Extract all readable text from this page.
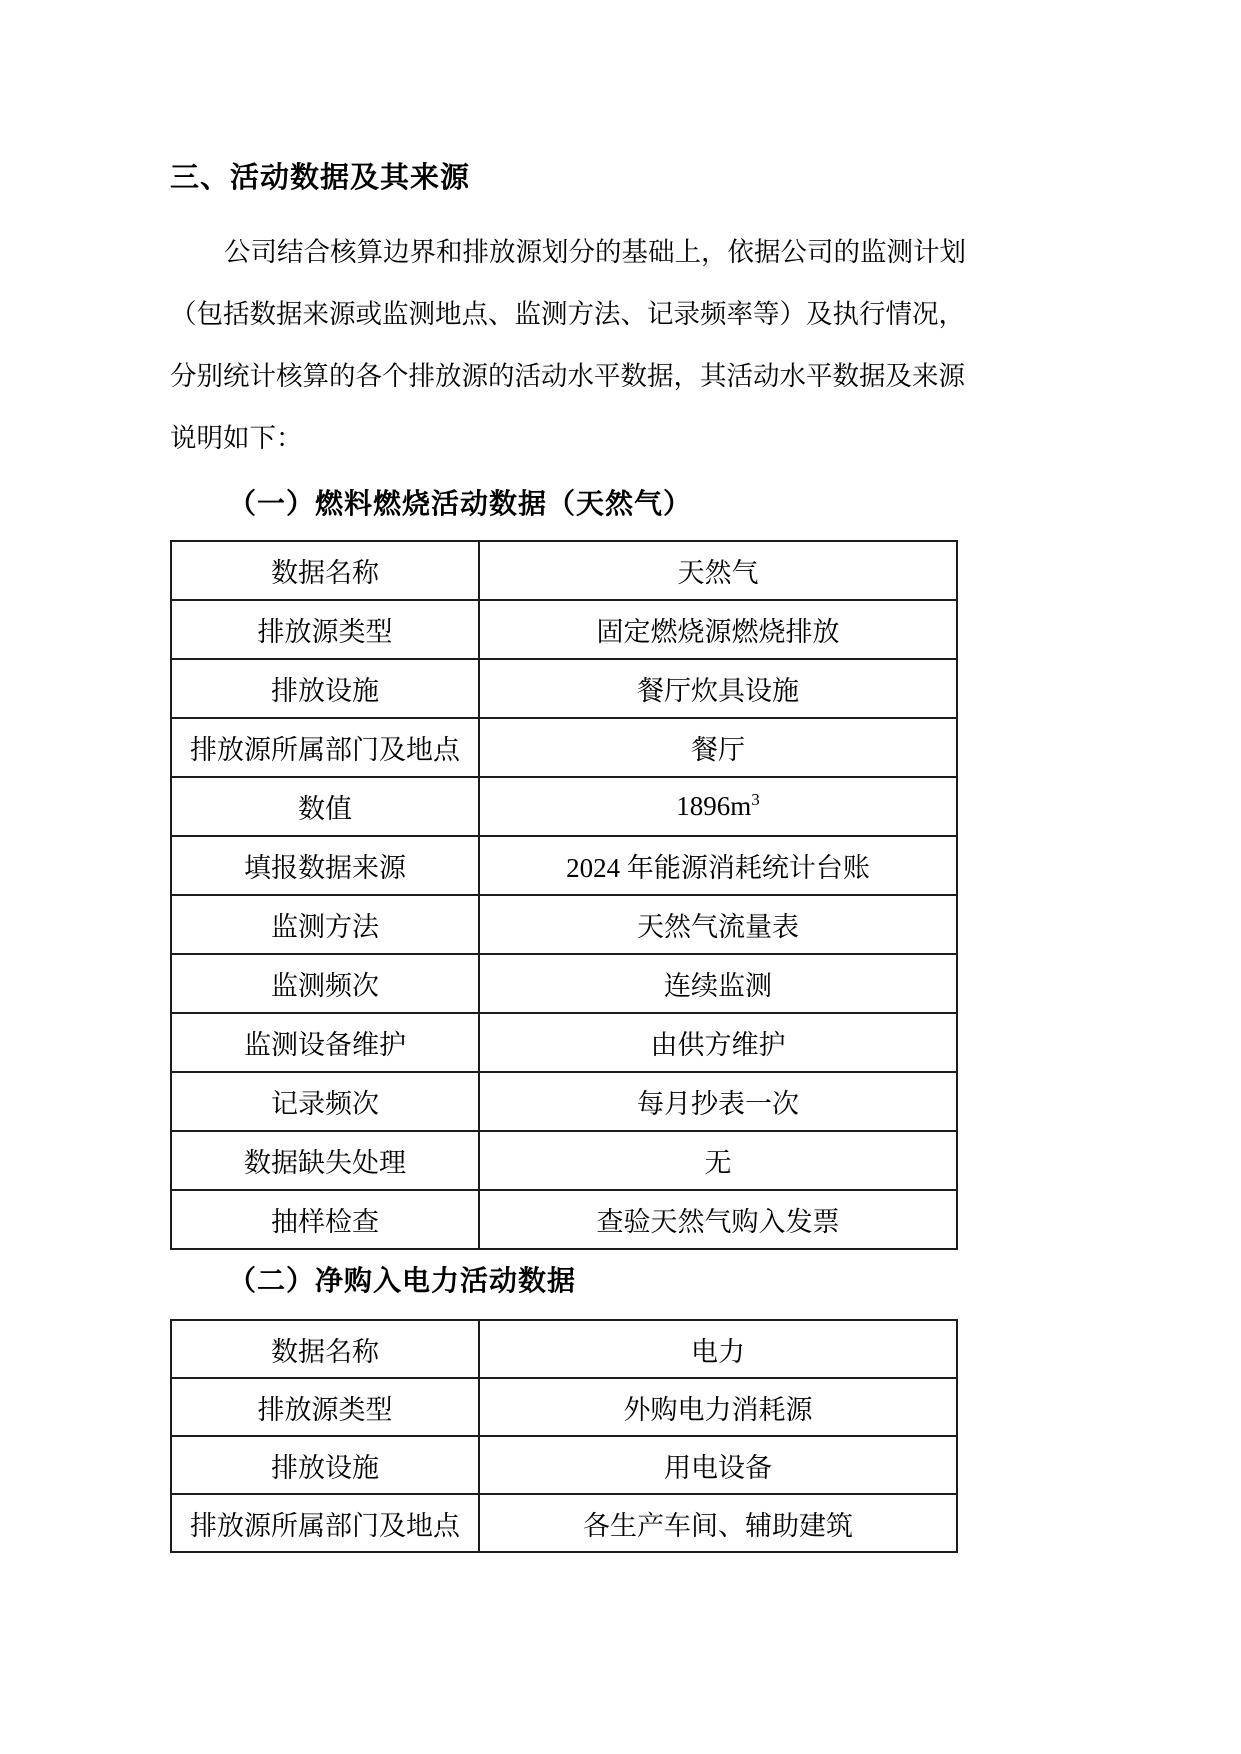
三、活动数据及其来源
公司结合核算边界和排放源划分的基础上，依据公司的监测计划
（包括数据来源或监测地点、监测方法、记录频率等）及执行情况，
分别统计核算的各个排放源的活动水平数据，其活动水平数据及来源
说明如下：
（一）燃料燃烧活动数据（天然气）
数据名称	天然气
排放源类型	固定燃烧源燃烧排放
排放设施	餐厅炊具设施
排放源所属部门及地点	餐厅
数值	$1896m^3$
填报数据来源	2024 年能源消耗统计台账
监测方法	天然气流量表
监测频次	连续监测
监测设备维护	由供方维护
记录频次	每月抄表一次
数据缺失处理	无
抽样检查	查验天然气购入发票
（二）净购入电力活动数据
数据名称	电力
排放源类型	外购电力消耗源
排放设施	用电设备
排放源所属部门及地点	各生产车间、辅助建筑
